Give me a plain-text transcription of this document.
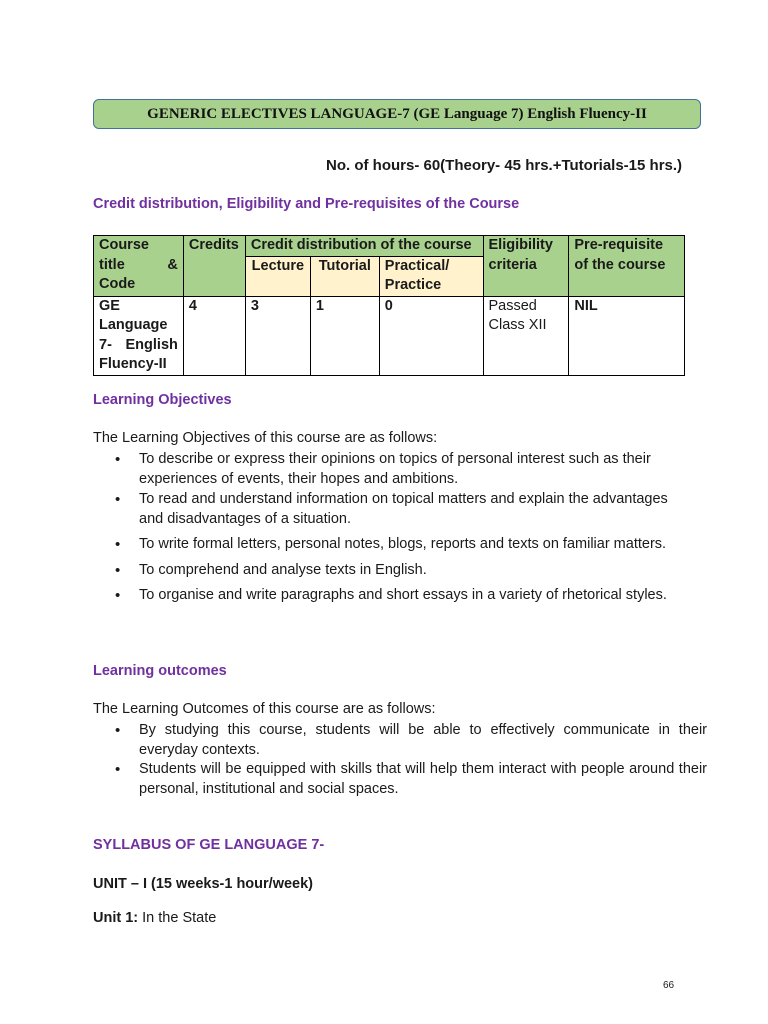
GENERIC ELECTIVES LANGUAGE-7 (GE Language 7) English Fluency-II
No. of hours- 60(Theory- 45 hrs.+Tutorials-15 hrs.)
Credit distribution, Eligibility and Pre-requisites of the Course
Course
title &
Code	Credits	Credit distribution of the course			Eligibility criteria	Pre-requisite of the course
		Lecture	Tutorial	Practical/ Practice		

GE
Language
7- English
Fluency-II	4	3	1	0	Passed Class XII	NIL
Learning Objectives
The Learning Objectives of this course are as follows:
• To describe or express their opinions on topics of personal interest such as their experiences of events, their hopes and ambitions.
• To read and understand information on topical matters and explain the advantages and disadvantages of a situation.
• To write formal letters, personal notes, blogs, reports and texts on familiar matters.
• To comprehend and analyse texts in English.
• To organise and write paragraphs and short essays in a variety of rhetorical styles.
Learning outcomes
The Learning Outcomes of this course are as follows:
• By studying this course, students will be able to effectively communicate in their everyday contexts.
• Students will be equipped with skills that will help them interact with people around their personal, institutional and social spaces.
SYLLABUS OF GE LANGUAGE 7-
UNIT – I (15 weeks-1 hour/week)
Unit 1: In the State
66
